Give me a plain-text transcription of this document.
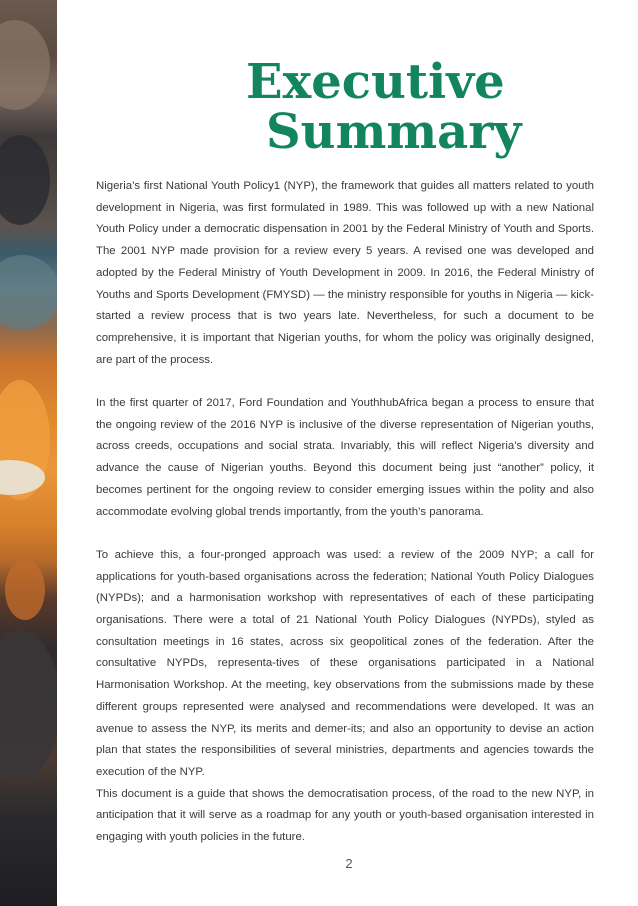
Executive
Summary

Nigeria’s first National Youth Policy1 (NYP), the framework that guides all matters related to youth development in Nigeria, was first formulated in 1989. This was followed up with a new National Youth Policy under a democratic dispensation in 2001 by the Federal Ministry of Youth and Sports. The 2001 NYP made provision for a review every 5 years. A revised one was developed and adopted by the Federal Ministry of Youth Development in 2009. In 2016, the Federal Ministry of Youths and Sports Development (FMYSD) — the ministry responsible for youths in Nigeria — kick-started a review process that is two years late. Nevertheless, for such a document to be comprehensive, it is important that Nigerian youths, for whom the policy was originally designed, are part of the process.

In the first quarter of 2017, Ford Foundation and YouthhubAfrica began a process to ensure that the ongoing review of the 2016 NYP is inclusive of the diverse representation of Nigerian youths, across creeds, occupations and social strata. Invariably, this will reflect Nigeria’s diversity and advance the cause of Nigerian youths. Beyond this document being just “another” policy, it becomes pertinent for the ongoing review to consider emerging issues within the polity and also accommodate evolving global trends importantly, from the youth’s panorama.

To achieve this, a four-pronged approach was used: a review of the 2009 NYP; a call for applications for youth-based organisations across the federation; National Youth Policy Dialogues (NYPDs); and a harmonisation workshop with representatives of each of these participating organisations. There were a total of 21 National Youth Policy Dialogues (NYPDs), styled as consultation meetings in 16 states, across six geopolitical zones of the federation. After the consultative NYPDs, representa-tives of these organisations participated in a National Harmonisation Workshop. At the meeting, key observations from the submissions made by these different groups represented were analysed and recommendations were developed. It was an avenue to assess the NYP, its merits and demer-its; and also an opportunity to devise an action plan that states the responsibilities of several ministries, departments and agencies towards the execution of the NYP.

This document is a guide that shows the democratisation process, of the road to the new NYP, in anticipation that it will serve as a roadmap for any youth or youth-based organisation interested in engaging with youth policies in the future.

2
